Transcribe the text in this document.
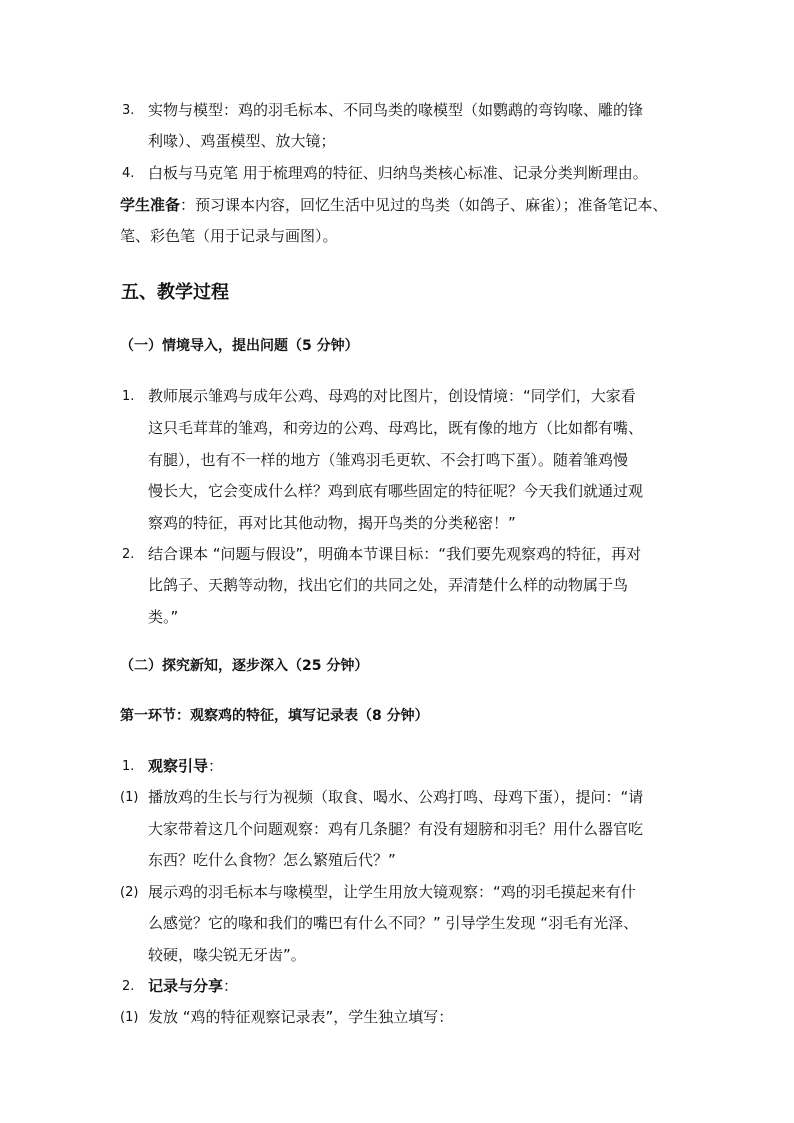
3. 实物与模型：鸡的羽毛标本、不同鸟类的喙模型（如鹦鹉的弯钩喙、雕的锋
利喙）、鸡蛋模型、放大镜；
4. 白板与马克笔 用于梳理鸡的特征、归纳鸟类核心标准、记录分类判断理由。
学生准备：预习课本内容，回忆生活中见过的鸟类（如鸽子、麻雀）；准备笔记本、
笔、彩色笔（用于记录与画图）。
五、教学过程
（一）情境导入，提出问题（5 分钟）
1. 教师展示雏鸡与成年公鸡、母鸡的对比图片，创设情境：“同学们，大家看
这只毛茸茸的雏鸡，和旁边的公鸡、母鸡比，既有像的地方（比如都有嘴、
有腿），也有不一样的地方（雏鸡羽毛更软、不会打鸣下蛋）。随着雏鸡慢
慢长大，它会变成什么样？鸡到底有哪些固定的特征呢？今天我们就通过观
察鸡的特征，再对比其他动物，揭开鸟类的分类秘密！”
2. 结合课本 “问题与假设”，明确本节课目标：“我们要先观察鸡的特征，再对
比鸽子、天鹅等动物，找出它们的共同之处，弄清楚什么样的动物属于鸟
类。”
（二）探究新知，逐步深入（25 分钟）
第一环节：观察鸡的特征，填写记录表（8 分钟）
1. 观察引导：
(1) 播放鸡的生长与行为视频（取食、喝水、公鸡打鸣、母鸡下蛋），提问：“请
大家带着这几个问题观察：鸡有几条腿？有没有翅膀和羽毛？用什么器官吃
东西？吃什么食物？怎么繁殖后代？”
(2) 展示鸡的羽毛标本与喙模型，让学生用放大镜观察：“鸡的羽毛摸起来有什
么感觉？它的喙和我们的嘴巴有什么不同？” 引导学生发现 “羽毛有光泽、
较硬，喙尖锐无牙齿”。
2. 记录与分享：
(1) 发放 “鸡的特征观察记录表”，学生独立填写：
